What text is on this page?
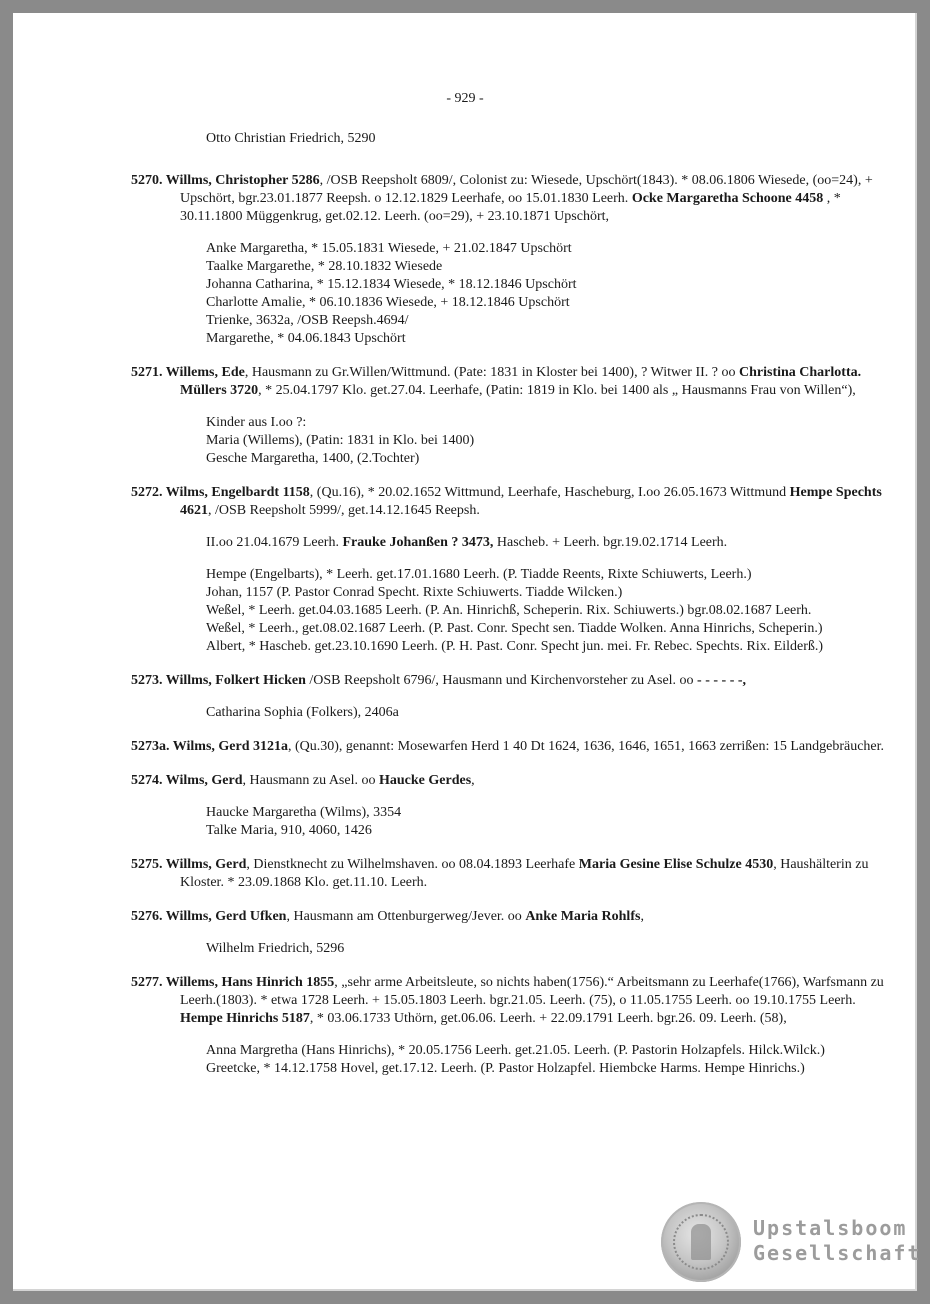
- 929 -
Otto Christian Friedrich, 5290
5270. Willms, Christopher 5286, /OSB Reepsholt 6809/, Colonist zu: Wiesede, Upschört(1843). * 08.06.1806 Wiesede, (oo=24), + Upschört, bgr.23.01.1877 Reepsh. o 12.12.1829 Leerhafe, oo 15.01.1830 Leerh. Ocke Margaretha Schoone 4458 , * 30.11.1800 Müggenkrug, get.02.12. Leerh. (oo=29), + 23.10.1871 Upschört,
Anke Margaretha, * 15.05.1831 Wiesede, + 21.02.1847 Upschört
Taalke Margarethe, * 28.10.1832 Wiesede
Johanna Catharina, * 15.12.1834 Wiesede, * 18.12.1846 Upschört
Charlotte Amalie, * 06.10.1836 Wiesede, + 18.12.1846 Upschört
Trienke, 3632a, /OSB Reepsh.4694/
Margarethe, * 04.06.1843 Upschört
5271. Willems, Ede, Hausmann zu Gr.Willen/Wittmund. (Pate: 1831 in Kloster bei 1400), ? Witwer II. ? oo Christina Charlotta. Müllers 3720, * 25.04.1797 Klo. get.27.04. Leerhafe, (Patin: 1819 in Klo. bei 1400 als „ Hausmanns Frau von Willen“),
Kinder aus I.oo ?:
Maria (Willems), (Patin: 1831 in Klo. bei 1400)
Gesche Margaretha, 1400, (2.Tochter)
5272. Wilms, Engelbardt 1158, (Qu.16), * 20.02.1652 Wittmund, Leerhafe, Hascheburg, I.oo 26.05.1673 Wittmund Hempe Spechts 4621, /OSB Reepsholt 5999/, get.14.12.1645 Reepsh.
II.oo 21.04.1679 Leerh. Frauke Johanßen ? 3473, Hascheb. + Leerh. bgr.19.02.1714 Leerh.
Hempe (Engelbarts), * Leerh. get.17.01.1680 Leerh. (P. Tiadde Reents, Rixte Schiuwerts, Leerh.)
Johan, 1157 (P. Pastor Conrad Specht. Rixte Schiuwerts. Tiadde Wilcken.)
Weßel, * Leerh. get.04.03.1685 Leerh. (P. An. Hinrichß, Scheperin. Rix. Schiuwerts.) bgr.08.02.1687 Leerh.
Weßel, * Leerh., get.08.02.1687 Leerh. (P. Past. Conr. Specht sen. Tiadde Wolken. Anna Hinrichs, Scheperin.)
Albert, * Hascheb. get.23.10.1690 Leerh. (P. H. Past. Conr. Specht jun. mei. Fr. Rebec. Spechts. Rix. Eilderß.)
5273. Willms, Folkert Hicken /OSB Reepsholt 6796/, Hausmann und Kirchenvorsteher zu Asel. oo - - - - - -,
Catharina Sophia (Folkers), 2406a
5273a. Wilms, Gerd 3121a, (Qu.30), genannt: Mosewarfen Herd 1 40 Dt 1624, 1636, 1646, 1651, 1663 zerrißen: 15 Landgebräucher.
5274. Wilms, Gerd, Hausmann zu Asel. oo Haucke Gerdes,
Haucke Margaretha (Wilms), 3354
Talke Maria, 910, 4060, 1426
5275. Willms, Gerd, Dienstknecht zu Wilhelmshaven. oo 08.04.1893 Leerhafe Maria Gesine Elise Schulze 4530, Haushälterin zu Kloster. * 23.09.1868 Klo. get.11.10. Leerh.
5276. Willms, Gerd Ufken, Hausmann am Ottenburgerweg/Jever. oo Anke Maria Rohlfs,
Wilhelm Friedrich, 5296
5277. Willems, Hans Hinrich 1855, „sehr arme Arbeitsleute, so nichts haben(1756).“ Arbeitsmann zu Leerhafe(1766), Warfsmann zu Leerh.(1803). * etwa 1728 Leerh. + 15.05.1803 Leerh. bgr.21.05. Leerh. (75), o 11.05.1755 Leerh. oo 19.10.1755 Leerh. Hempe Hinrichs 5187, * 03.06.1733 Uthörn, get.06.06. Leerh. + 22.09.1791 Leerh. bgr.26. 09. Leerh. (58),
Anna Margretha (Hans Hinrichs), * 20.05.1756 Leerh. get.21.05. Leerh. (P. Pastorin Holzapfels. Hilck.Wilck.)
Greetcke, * 14.12.1758 Hovel, get.17.12. Leerh. (P. Pastor Holzapfel. Hiembcke Harms. Hempe Hinrichs.)
Upstalsboom
Gesellschaft
